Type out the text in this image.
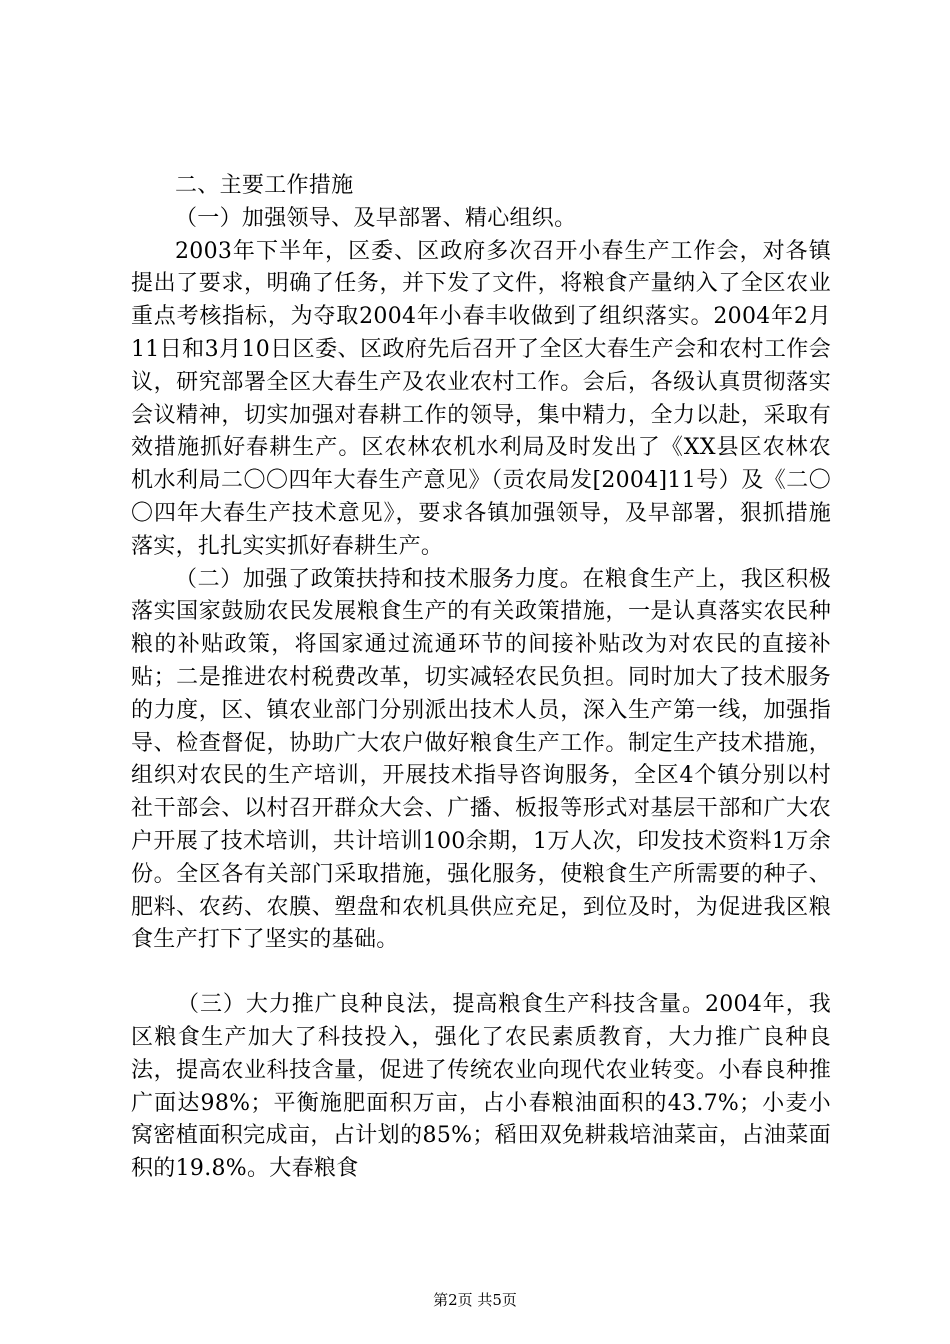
二、主要工作措施

（一）加强领导、及早部署、精心组织。

2003年下半年，区委、区政府多次召开小春生产工作会，对各镇提出了要求，明确了任务，并下发了文件，将粮食产量纳入了全区农业重点考核指标，为夺取2004年小春丰收做到了组织落实。2004年2月11日和3月10日区委、区政府先后召开了全区大春生产会和农村工作会议，研究部署全区大春生产及农业农村工作。会后，各级认真贯彻落实会议精神，切实加强对春耕工作的领导，集中精力，全力以赴，采取有效措施抓好春耕生产。区农林农机水利局及时发出了《XX县区农林农机水利局二〇〇四年大春生产意见》（贡农局发[2004]11号）及《二〇〇四年大春生产技术意见》，要求各镇加强领导，及早部署，狠抓措施落实，扎扎实实抓好春耕生产。

（二）加强了政策扶持和技术服务力度。在粮食生产上，我区积极落实国家鼓励农民发展粮食生产的有关政策措施，一是认真落实农民种粮的补贴政策，将国家通过流通环节的间接补贴改为对农民的直接补贴；二是推进农村税费改革，切实减轻农民负担。同时加大了技术服务的力度，区、镇农业部门分别派出技术人员，深入生产第一线，加强指导、检查督促，协助广大农户做好粮食生产工作。制定生产技术措施，组织对农民的生产培训，开展技术指导咨询服务，全区4个镇分别以村社干部会、以村召开群众大会、广播、板报等形式对基层干部和广大农户开展了技术培训，共计培训100余期，1万人次，印发技术资料1万余份。全区各有关部门采取措施，强化服务，使粮食生产所需要的种子、肥料、农药、农膜、塑盘和农机具供应充足，到位及时，为促进我区粮食生产打下了坚实的基础。

（三）大力推广良种良法，提高粮食生产科技含量。2004年，我区粮食生产加大了科技投入，强化了农民素质教育，大力推广良种良法，提高农业科技含量，促进了传统农业向现代农业转变。小春良种推广面达98%；平衡施肥面积万亩，占小春粮油面积的43.7%；小麦小窝密植面积完成亩，占计划的85%；稻田双免耕栽培油菜亩，占油菜面积的19.8%。大春粮食

第2页 共5页
